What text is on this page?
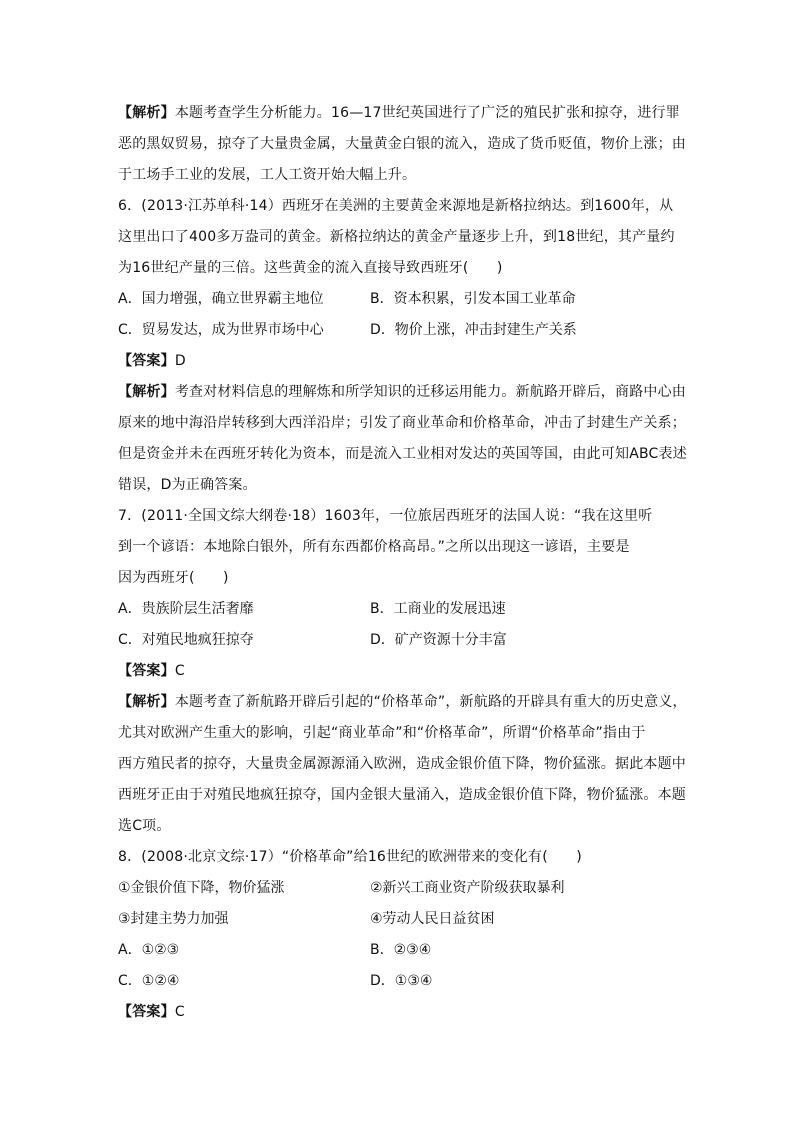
【解析】本题考查学生分析能力。16—17世纪英国进行了广泛的殖民扩张和掠夺，进行罪
恶的黑奴贸易，掠夺了大量贵金属，大量黄金白银的流入，造成了货币贬值，物价上涨；由
于工场手工业的发展，工人工资开始大幅上升。
6．(2013·江苏单科·14）西班牙在美洲的主要黄金来源地是新格拉纳达。到1600年，从
这里出口了400多万盎司的黄金。新格拉纳达的黄金产量逐步上升，到18世纪，其产量约
为16世纪产量的三倍。这些黄金的流入直接导致西班牙(　　)
A．国力增强，确立世界霸主地位	B．资本积累，引发本国工业革命
C．贸易发达，成为世界市场中心	D．物价上涨，冲击封建生产关系
【答案】D
【解析】考查对材料信息的理解炼和所学知识的迁移运用能力。新航路开辟后，商路中心由
原来的地中海沿岸转移到大西洋沿岸；引发了商业革命和价格革命，冲击了封建生产关系；
但是资金并未在西班牙转化为资本，而是流入工业相对发达的英国等国，由此可知ABC表述
错误，D为正确答案。
7．(2011·全国文综大纲卷·18）1603年，一位旅居西班牙的法国人说：“我在这里听
到一个谚语：本地除白银外，所有东西都价格高昂。”之所以出现这一谚语，主要是
因为西班牙(　　)
A．贵族阶层生活奢靡	B．工商业的发展迅速
C．对殖民地疯狂掠夺	D．矿产资源十分丰富
【答案】C
【解析】本题考查了新航路开辟后引起的“价格革命”，新航路的开辟具有重大的历史意义，
尤其对欧洲产生重大的影响，引起“商业革命”和“价格革命”，所谓“价格革命”指由于
西方殖民者的掠夺，大量贵金属源源涌入欧洲，造成金银价值下降，物价猛涨。据此本题中
西班牙正由于对殖民地疯狂掠夺，国内金银大量涌入，造成金银价值下降，物价猛涨。本题
选C项。
8．(2008·北京文综·17）“价格革命”给16世纪的欧洲带来的变化有(　　)
①金银价值下降，物价猛涨	②新兴工商业资产阶级获取暴利
③封建主势力加强	④劳动人民日益贫困
A．①②③	B．②③④
C．①②④	D．①③④
【答案】C
